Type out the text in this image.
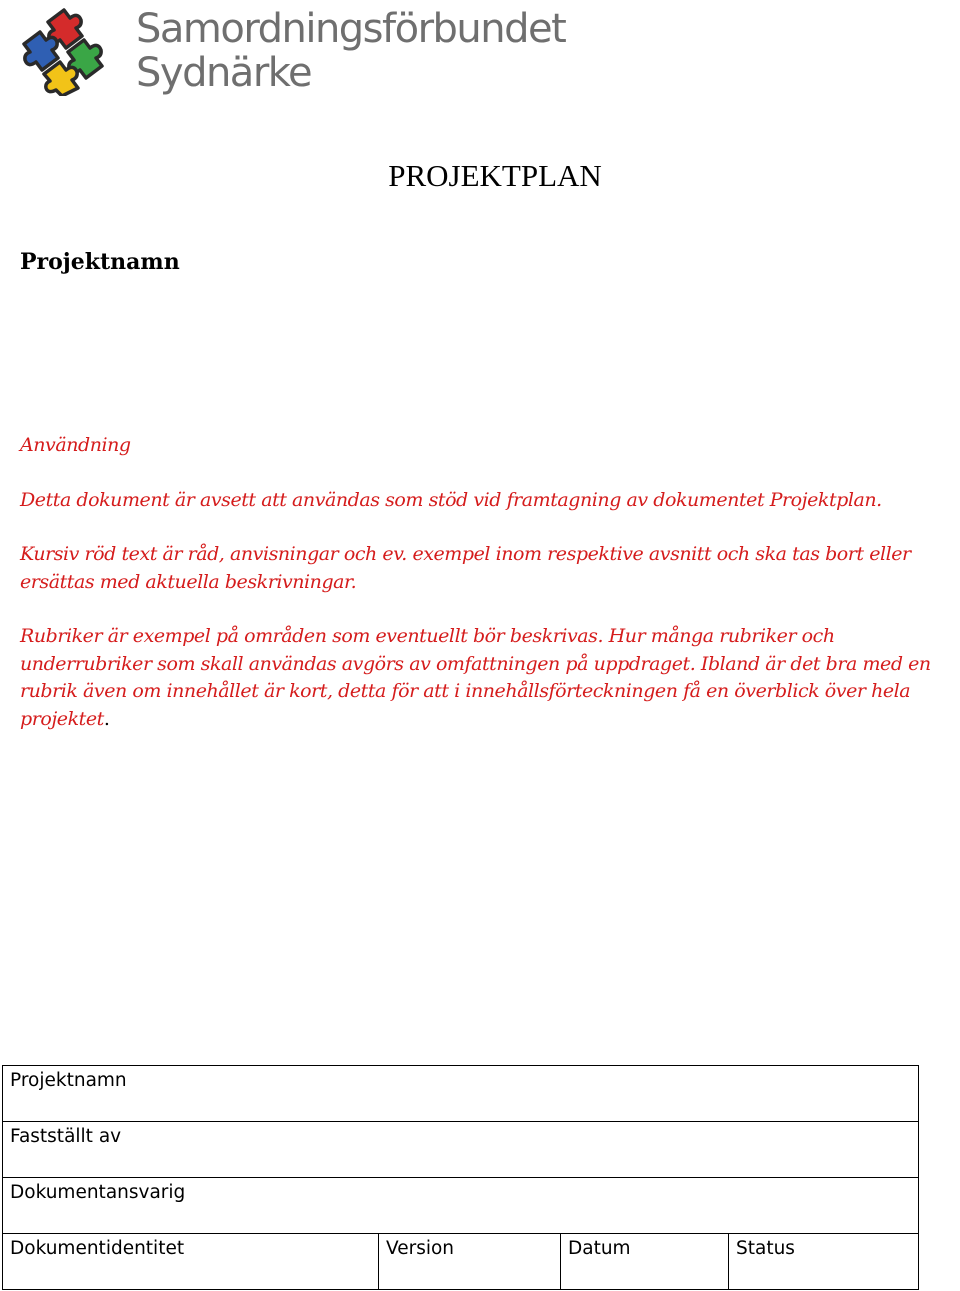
Samordningsförbundet

Sydnärke

PROJEKTPLAN
Projektnamn

Användning

Detta dokument är avsett att användas som stöd vid framtagning av dokumentet Projektplan.

Kursiv röd text är råd, anvisningar och ev. exempel inom respektive avsnitt och ska tas bort eller ersättas med aktuella beskrivningar.

Rubriker är exempel på områden som eventuellt bör beskrivas. Hur många rubriker och underrubriker som skall användas avgörs av omfattningen på uppdraget. Ibland är det bra med en rubrik även om innehållet är kort, detta för att i innehållsförteckningen få en överblick över hela projektet.

Projektnamn
Fastställt av
Dokumentansvarig
Dokumentidentitet	Version	Datum	Status
